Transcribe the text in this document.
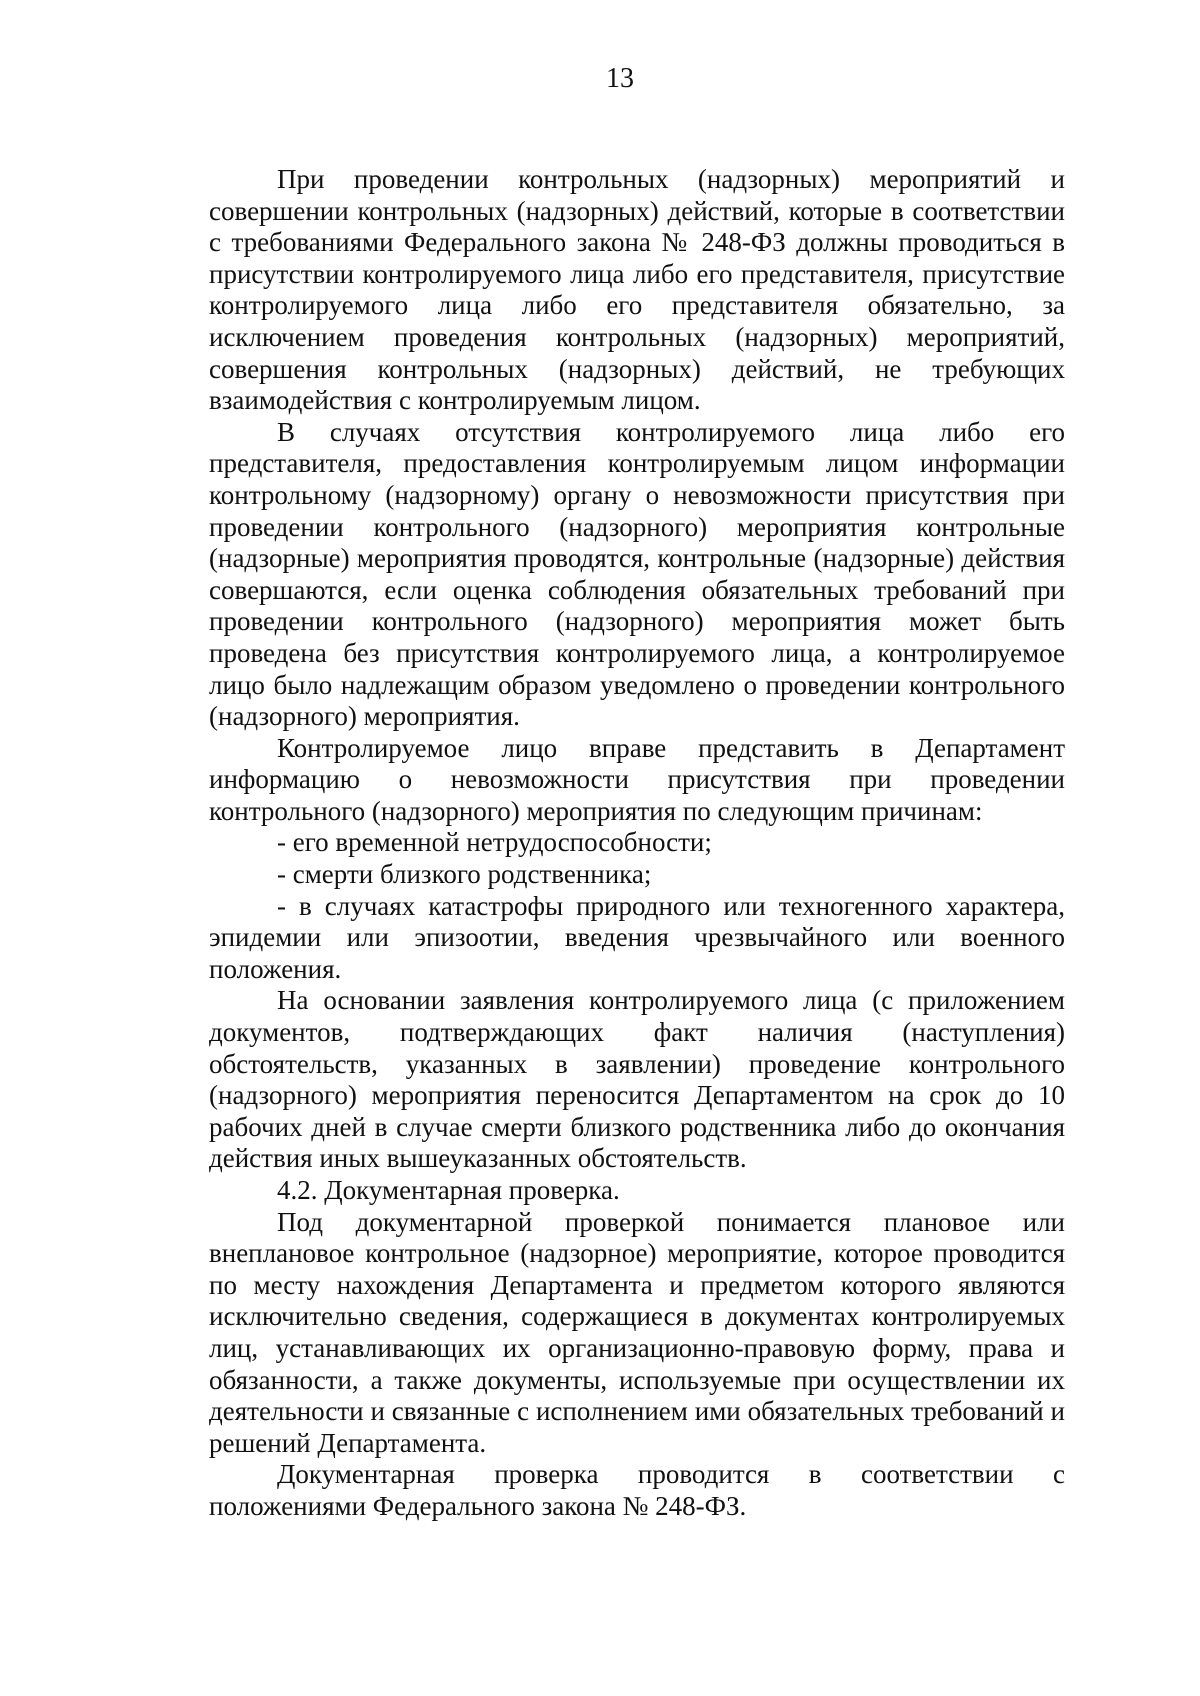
13

При проведении контрольных (надзорных) мероприятий и совершении контрольных (надзорных) действий, которые в соответствии с требованиями Федерального закона № 248-ФЗ должны проводиться в присутствии контролируемого лица либо его представителя, присутствие контролируемого лица либо его представителя обязательно, за исключением проведения контрольных (надзорных) мероприятий, совершения контрольных (надзорных) действий, не требующих взаимодействия с контролируемым лицом.

В случаях отсутствия контролируемого лица либо его представителя, предоставления контролируемым лицом информации контрольному (надзорному) органу о невозможности присутствия при проведении контрольного (надзорного) мероприятия контрольные (надзорные) мероприятия проводятся, контрольные (надзорные) действия совершаются, если оценка соблюдения обязательных требований при проведении контрольного (надзорного) мероприятия может быть проведена без присутствия контролируемого лица, а контролируемое лицо было надлежащим образом уведомлено о проведении контрольного (надзорного) мероприятия.

Контролируемое лицо вправе представить в Департамент информацию о невозможности присутствия при проведении контрольного (надзорного) мероприятия по следующим причинам:

- его временной нетрудоспособности;

- смерти близкого родственника;

- в случаях катастрофы природного или техногенного характера, эпидемии или эпизоотии, введения чрезвычайного или военного положения.

На основании заявления контролируемого лица (с приложением документов, подтверждающих факт наличия (наступления) обстоятельств, указанных в заявлении) проведение контрольного (надзорного) мероприятия переносится Департаментом на срок до 10 рабочих дней в случае смерти близкого родственника либо до окончания действия иных вышеуказанных обстоятельств.

4.2. Документарная проверка.

Под документарной проверкой понимается плановое или внеплановое контрольное (надзорное) мероприятие, которое проводится по месту нахождения Департамента и предметом которого являются исключительно сведения, содержащиеся в документах контролируемых лиц, устанавливающих их организационно-правовую форму, права и обязанности, а также документы, используемые при осуществлении их деятельности и связанные с исполнением ими обязательных требований и решений Департамента.

Документарная проверка проводится в соответствии с положениями Федерального закона № 248-ФЗ.
